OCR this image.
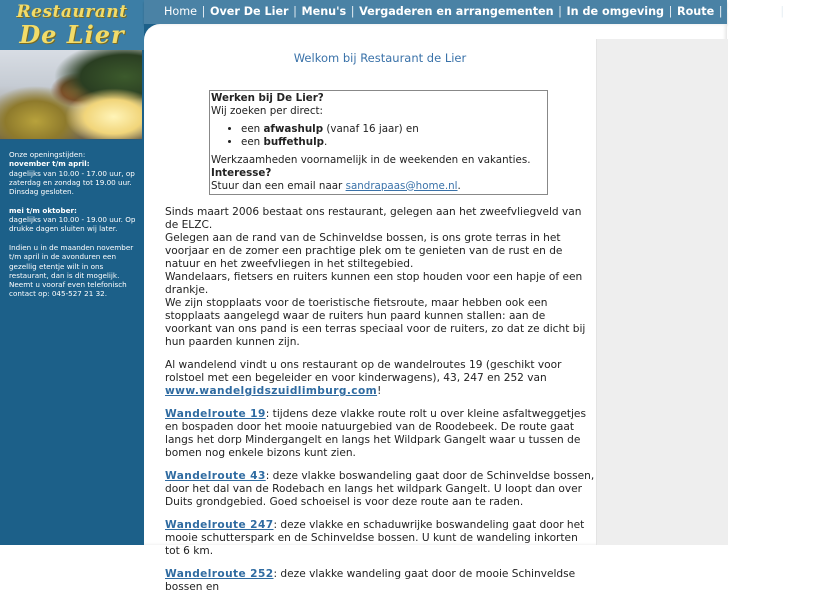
Restaurant
De Lier
Onze openingstijden:
november t/m april:
dagelijks van 10.00 - 17.00 uur, op zaterdag en zondag tot 19.00 uur.

Dinsdag gesloten.

mei t/m oktober:

dagelijks van 10.00 - 19.00 uur. Op drukke dagen sluiten wij later.

Indien u in de maanden november t/m april in de avonduren een gezellig etentje wilt in ons restaurant, dan is dit mogelijk. Neemt u vooraf even telefonisch contact op: 045-527 21 32.

Home | Over De Lier | Menu's | Vergaderen en arrangementen | In de omgeving | Route | Contact | Links
Welkom bij Restaurant de Lier
Werken bij De Lier?
Wij zoeken per direct:
• een afwashulp (vanaf 16 jaar) en
• een buffethulp.
Werkzaamheden voornamelijk in de weekenden en vakanties.
Interesse?
Stuur dan een email naar sandrapaas@home.nl.
Sinds maart 2006 bestaat ons restaurant, gelegen aan het zweefvliegveld van de ELZC.
Gelegen aan de rand van de Schinveldse bossen, is ons grote terras in het voorjaar en de zomer een prachtige plek om te genieten van de rust en de natuur en het zweefvliegen in het stiltegebied.
Wandelaars, fietsers en ruiters kunnen een stop houden voor een hapje of een drankje.
We zijn stopplaats voor de toeristische fietsroute, maar hebben ook een stopplaats aangelegd waar de ruiters hun paard kunnen stallen: aan de voorkant van ons pand is een terras speciaal voor de ruiters, zo dat ze dicht bij hun paarden kunnen zijn.
Al wandelend vindt u ons restaurant op de wandelroutes 19 (geschikt voor rolstoel met een begeleider en voor kinderwagens), 43, 247 en 252 van www.wandelgidszuidlimburg.com!
Wandelroute 19: tijdens deze vlakke route rolt u over kleine asfaltweggetjes en bospaden door het mooie natuurgebied van de Roodebeek. De route gaat langs het dorp Mindergangelt en langs het Wildpark Gangelt waar u tussen de bomen nog enkele bizons kunt zien.
Wandelroute 43: deze vlakke boswandeling gaat door de Schinveldse bossen, door het dal van de Rodebach en langs het wildpark Gangelt. U loopt dan over Duits grondgebied. Goed schoeisel is voor deze route aan te raden.
Wandelroute 247: deze vlakke en schaduwrijke boswandeling gaat door het mooie schutterspark en de Schinveldse bossen. U kunt de wandeling inkorten tot 6 km.
Wandelroute 252: deze vlakke wandeling gaat door de mooie Schinveldse bossen en
